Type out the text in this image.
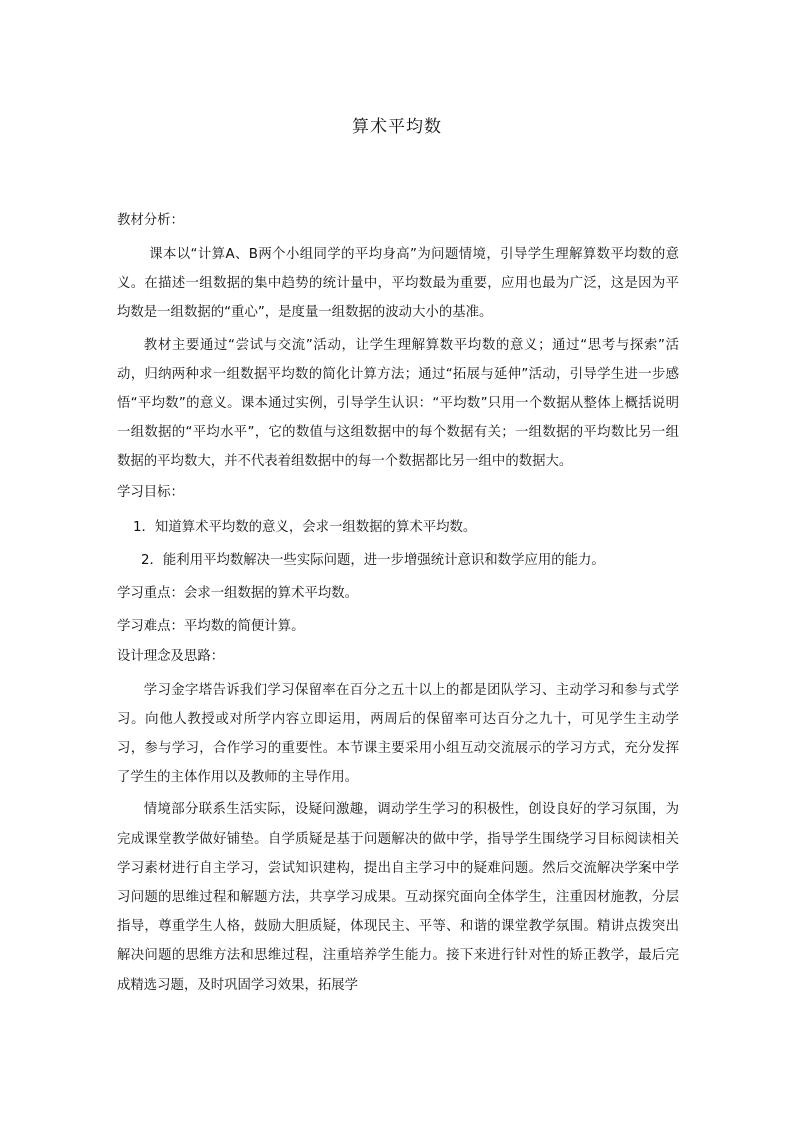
算术平均数
教材分析：
课本以“计算A、B两个小组同学的平均身高”为问题情境，引导学生理解算数平均数的意义。在描述一组数据的集中趋势的统计量中，平均数最为重要，应用也最为广泛，这是因为平均数是一组数据的“重心”，是度量一组数据的波动大小的基准。
教材主要通过“尝试与交流”活动，让学生理解算数平均数的意义；通过“思考与探索”活动，归纳两种求一组数据平均数的简化计算方法；通过“拓展与延伸”活动，引导学生进一步感悟“平均数”的意义。课本通过实例，引导学生认识：“平均数”只用一个数据从整体上概括说明一组数据的“平均水平”，它的数值与这组数据中的每个数据有关；一组数据的平均数比另一组数据的平均数大，并不代表着组数据中的每一个数据都比另一组中的数据大。
学习目标：
1．知道算术平均数的意义，会求一组数据的算术平均数。
2．能利用平均数解决一些实际问题，进一步增强统计意识和数学应用的能力。
学习重点：会求一组数据的算术平均数。
学习难点：平均数的简便计算。
设计理念及思路：
学习金字塔告诉我们学习保留率在百分之五十以上的都是团队学习、主动学习和参与式学习。向他人教授或对所学内容立即运用，两周后的保留率可达百分之九十，可见学生主动学习，参与学习，合作学习的重要性。本节课主要采用小组互动交流展示的学习方式，充分发挥了学生的主体作用以及教师的主导作用。
情境部分联系生活实际，设疑问激趣，调动学生学习的积极性，创设良好的学习氛围，为完成课堂教学做好铺垫。自学质疑是基于问题解决的做中学，指导学生围绕学习目标阅读相关学习素材进行自主学习，尝试知识建构，提出自主学习中的疑难问题。然后交流解决学案中学习问题的思维过程和解题方法，共享学习成果。互动探究面向全体学生，注重因材施教，分层指导，尊重学生人格，鼓励大胆质疑，体现民主、平等、和谐的课堂教学氛围。精讲点拨突出解决问题的思维方法和思维过程，注重培养学生能力。接下来进行针对性的矫正教学，最后完成精选习题，及时巩固学习效果，拓展学
